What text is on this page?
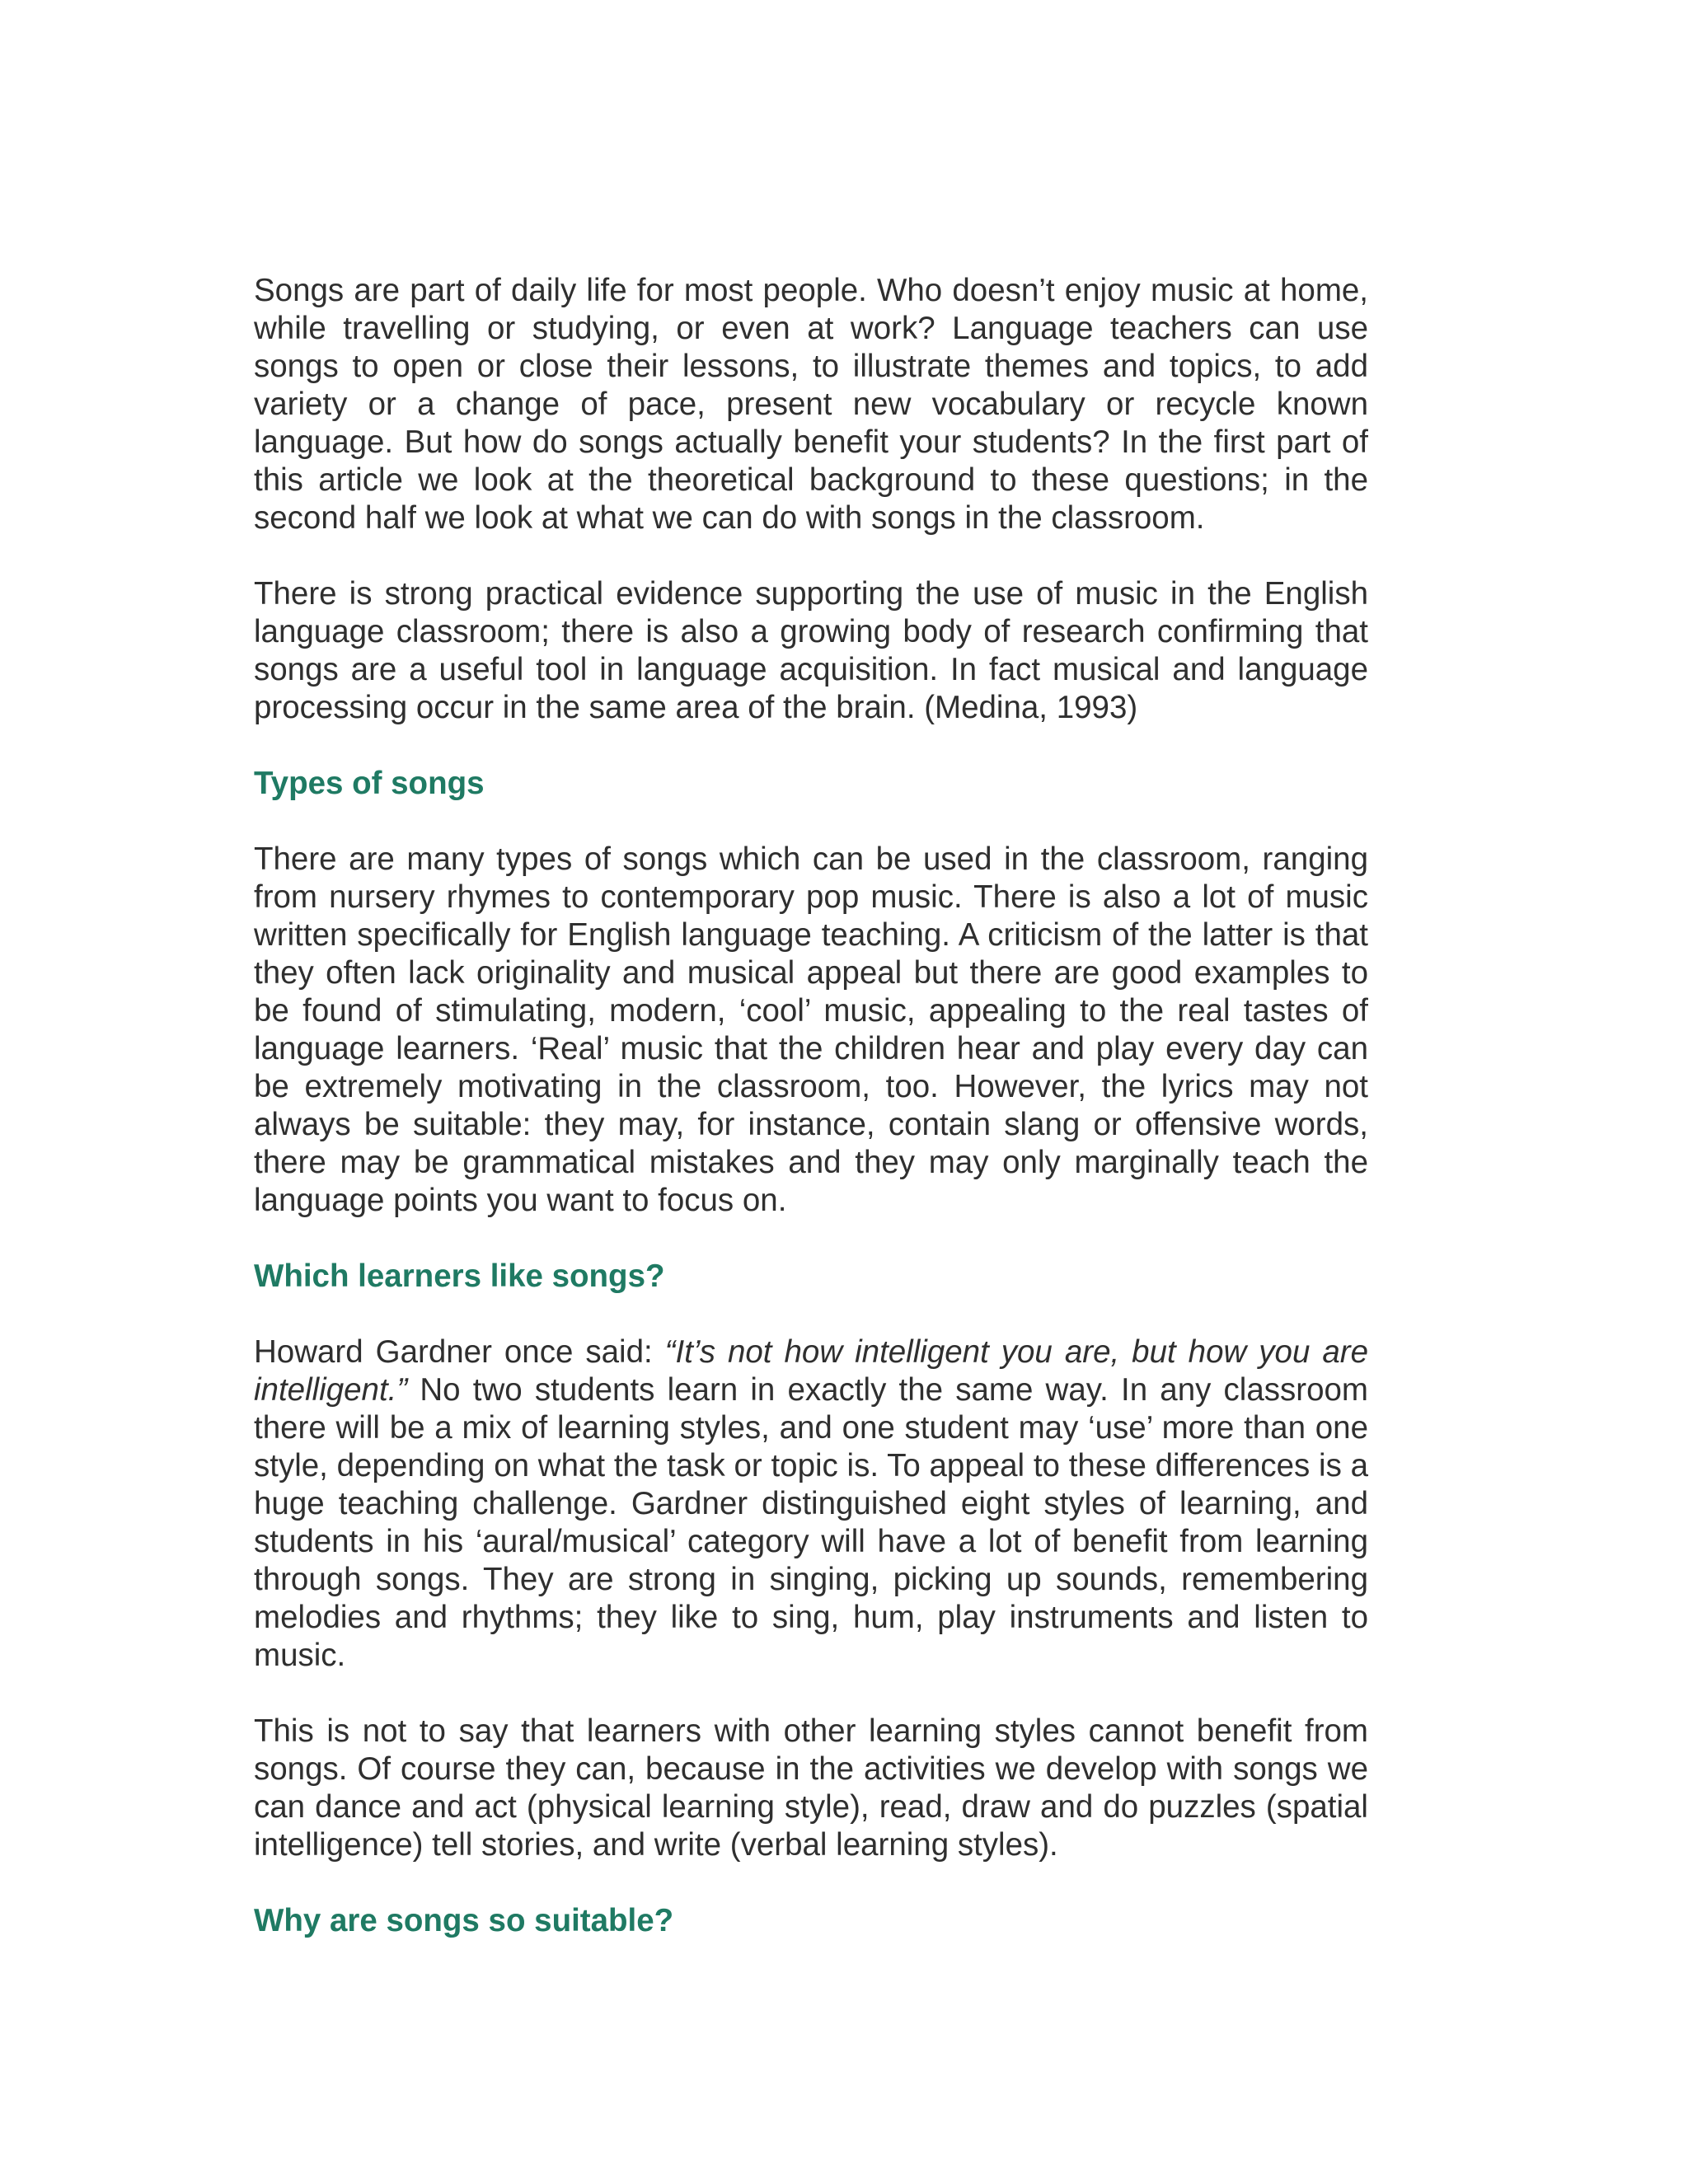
Songs are part of daily life for most people. Who doesn’t enjoy music at home, while travelling or studying, or even at work? Language teachers can use songs to open or close their lessons, to illustrate themes and topics, to add variety or a change of pace, present new vocabulary or recycle known language. But how do songs actually benefit your students? In the first part of this article we look at the theoretical background to these questions; in the second half we look at what we can do with songs in the classroom.

There is strong practical evidence supporting the use of music in the English language classroom; there is also a growing body of research confirming that songs are a useful tool in language acquisition. In fact musical and language processing occur in the same area of the brain. (Medina, 1993)

Types of songs

There are many types of songs which can be used in the classroom, ranging from nursery rhymes to contemporary pop music. There is also a lot of music written specifically for English language teaching. A criticism of the latter is that they often lack originality and musical appeal but there are good examples to be found of stimulating, modern, ‘cool’ music, appealing to the real tastes of language learners. ‘Real’ music that the children hear and play every day can be extremely motivating in the classroom, too. However, the lyrics may not always be suitable: they may, for instance, contain slang or offensive words, there may be grammatical mistakes and they may only marginally teach the language points you want to focus on.

Which learners like songs?

Howard Gardner once said: “It’s not how intelligent you are, but how you are intelligent.” No two students learn in exactly the same way. In any classroom there will be a mix of learning styles, and one student may ‘use’ more than one style, depending on what the task or topic is. To appeal to these differences is a huge teaching challenge. Gardner distinguished eight styles of learning, and students in his ‘aural/musical’ category will have a lot of benefit from learning through songs. They are strong in singing, picking up sounds, remembering melodies and rhythms; they like to sing, hum, play instruments and listen to music.

This is not to say that learners with other learning styles cannot benefit from songs. Of course they can, because in the activities we develop with songs we can dance and act (physical learning style), read, draw and do puzzles (spatial intelligence) tell stories, and write (verbal learning styles).

Why are songs so suitable?
